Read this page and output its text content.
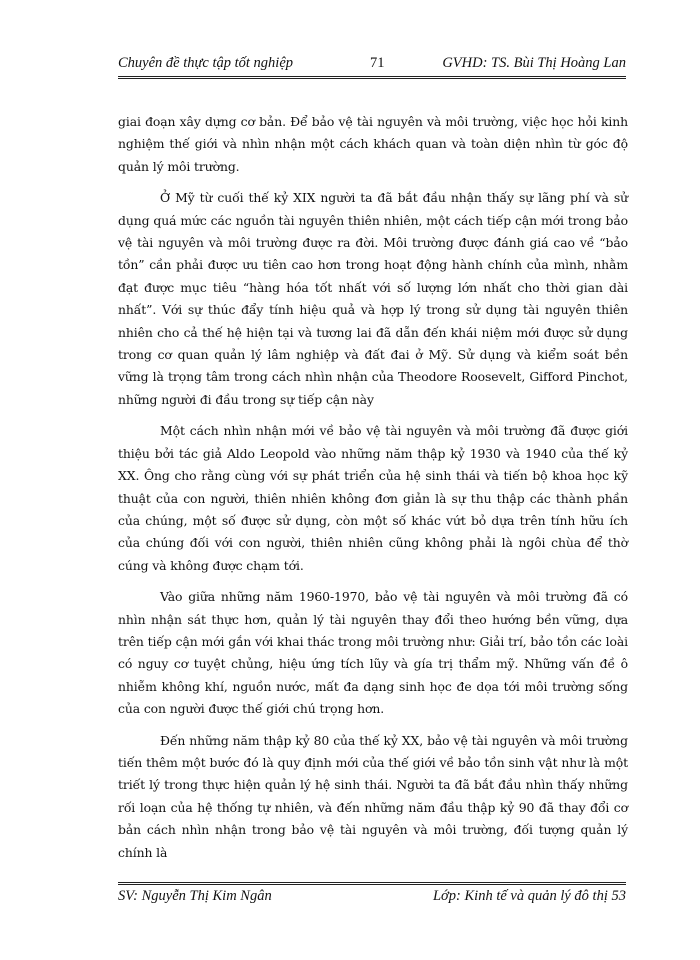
Chuyên đề thực tập tốt nghiệp	71	GVHD: TS. Bùi Thị Hoàng Lan

giai đoạn xây dựng cơ bản. Để bảo vệ tài nguyên và môi trường, việc học hỏi kinh nghiệm thế giới và nhìn nhận một cách khách quan và toàn diện nhìn từ góc độ quản lý môi trường.

Ở Mỹ từ cuối thế kỷ XIX người ta đã bắt đầu nhận thấy sự lãng phí và sử dụng quá mức các nguồn tài nguyên thiên nhiên, một cách tiếp cận mới trong bảo vệ tài nguyên và môi trường được ra đời. Môi trường được đánh giá cao về “bảo tồn” cần phải được ưu tiên cao hơn trong hoạt động hành chính của mình, nhằm đạt được mục tiêu “hàng hóa tốt nhất với số lượng lớn nhất cho thời gian dài nhất”. Với sự thúc đẩy tính hiệu quả và hợp lý trong sử dụng tài nguyên thiên nhiên cho cả thế hệ hiện tại và tương lai đã dẫn đến khái niệm mới được sử dụng trong cơ quan quản lý lâm nghiệp và đất đai ở Mỹ. Sử dụng và kiểm soát bền vững là trọng tâm trong cách nhìn nhận của Theodore Roosevelt, Gifford Pinchot, những người đi đầu trong sự tiếp cận này

Một cách nhìn nhận mới về bảo vệ tài nguyên và môi trường đã được giới thiệu bởi tác giả Aldo Leopold vào những năm thập kỷ 1930 và 1940 của thế kỷ XX. Ông cho rằng cùng với sự phát triển của hệ sinh thái và tiến bộ khoa học kỹ thuật của con người, thiên nhiên không đơn giản là sự thu thập các thành phần của chúng, một số được sử dụng, còn một số khác vứt bỏ dựa trên tính hữu ích của chúng đối với con người, thiên nhiên cũng không phải là ngôi chùa để thờ cúng và không được chạm tới.

Vào giữa những năm 1960-1970, bảo vệ tài nguyên và môi trường đã có nhìn nhận sát thực hơn, quản lý tài nguyên thay đổi theo hướng bền vững, dựa trên tiếp cận mới gắn với khai thác trong môi trường như: Giải trí, bảo tồn các loài có nguy cơ tuyệt chủng, hiệu ứng tích lũy và gía trị thẩm mỹ. Những vấn đề ô nhiễm không khí, nguồn nước, mất đa dạng sinh học đe dọa tới môi trường sống của con người được thế giới chú trọng hơn.

Đến những năm thập kỷ 80 của thế kỷ XX, bảo vệ tài nguyên và môi trường tiến thêm một bước đó là quy định mới của thế giới về bảo tồn sinh vật như là một triết lý trong thực hiện quản lý hệ sinh thái. Người ta đã bắt đầu nhìn thấy những rối loạn của hệ thống tự nhiên, và đến những năm đầu thập kỷ 90 đã thay đổi cơ bản cách nhìn nhận trong bảo vệ tài nguyên và môi trường, đối tượng quản lý chính là

SV: Nguyễn Thị Kim Ngân	Lớp: Kinh tế và quản lý đô thị 53
